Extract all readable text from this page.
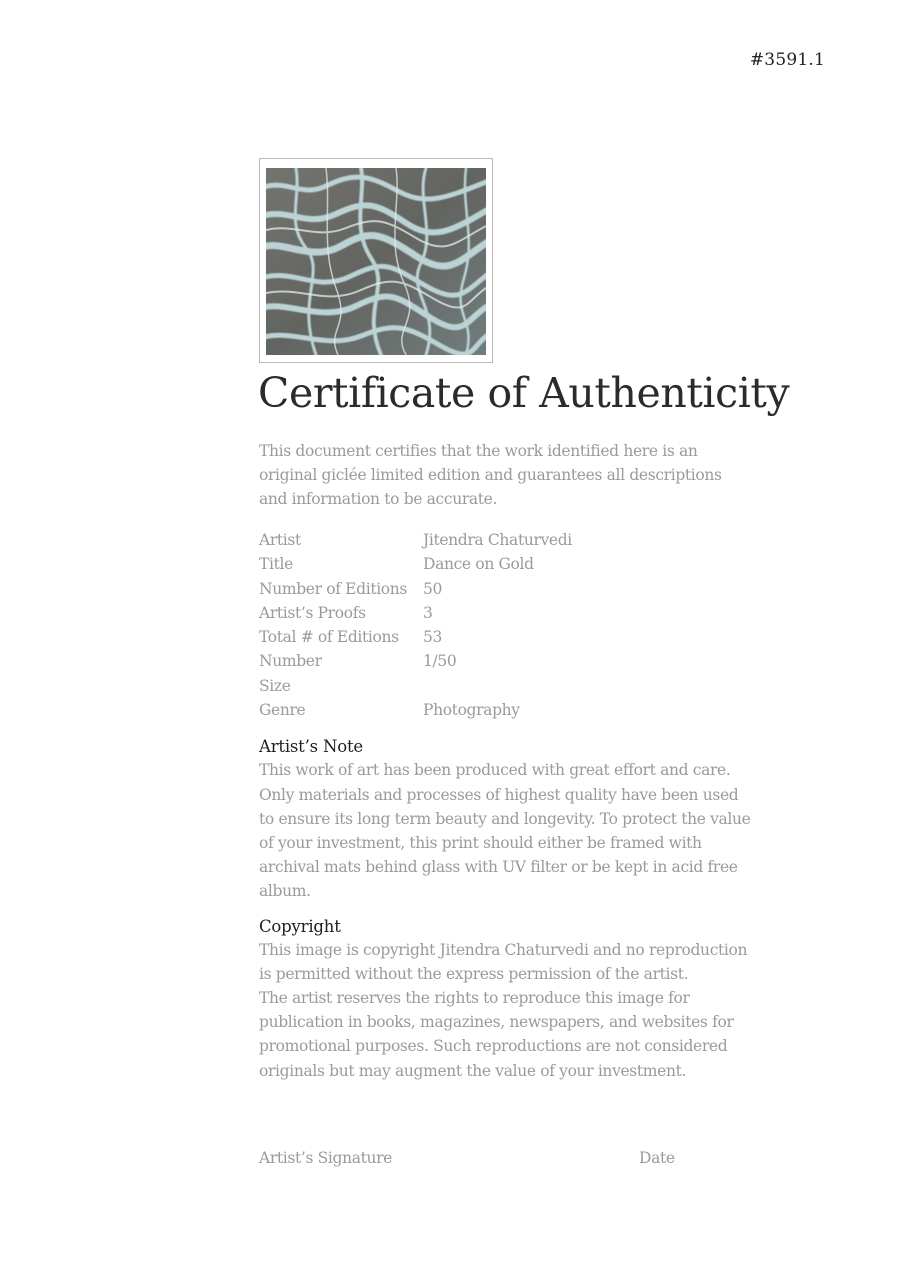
#3591.1
Certificate of Authenticity
This document certifies that the work identified here is an original giclée limited edition and guarantees all descriptions and information to be accurate.
Artist	Jitendra Chaturvedi
Title	Dance on Gold
Number of Editions	50
Artist’s Proofs	3
Total # of Editions	53
Number	1/50
Size
Genre	Photography
Artist’s Note
This work of art has been produced with great effort and care. Only materials and processes of highest quality have been used to ensure its long term beauty and longevity. To protect the value of your investment, this print should either be framed with archival mats behind glass with UV filter or be kept in acid free album.
Copyright

This image is copyright Jitendra Chaturvedi and no reproduction is permitted without the express permission of the artist.

The artist reserves the rights to reproduce this image for publication in books, magazines, newspapers, and websites for promotional purposes. Such reproductions are not considered originals but may augment the value of your investment.

Artist’s Signature	Date
